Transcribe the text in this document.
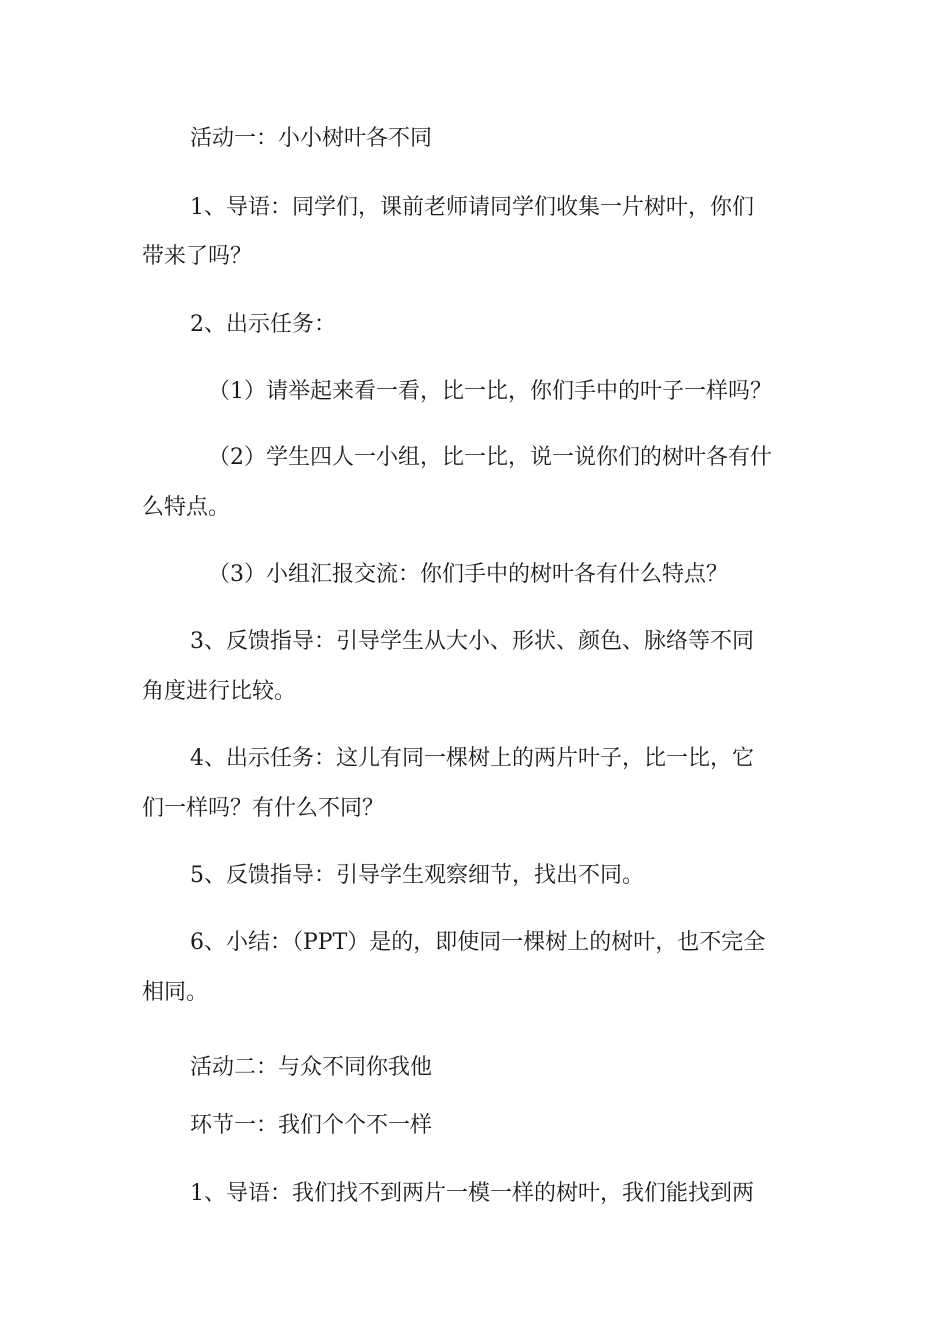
活动一：小小树叶各不同
1、导语：同学们，课前老师请同学们收集一片树叶，你们
带来了吗？
2、出示任务：
（1）请举起来看一看，比一比，你们手中的叶子一样吗？
（2）学生四人一小组，比一比，说一说你们的树叶各有什
么特点。
（3）小组汇报交流：你们手中的树叶各有什么特点？
3、反馈指导：引导学生从大小、形状、颜色、脉络等不同
角度进行比较。
4、出示任务：这儿有同一棵树上的两片叶子，比一比，它
们一样吗？有什么不同？
5、反馈指导：引导学生观察细节，找出不同。
6、小结：（PPT）是的，即使同一棵树上的树叶，也不完全
相同。
活动二：与众不同你我他
环节一：我们个个不一样
1、导语：我们找不到两片一模一样的树叶，我们能找到两
